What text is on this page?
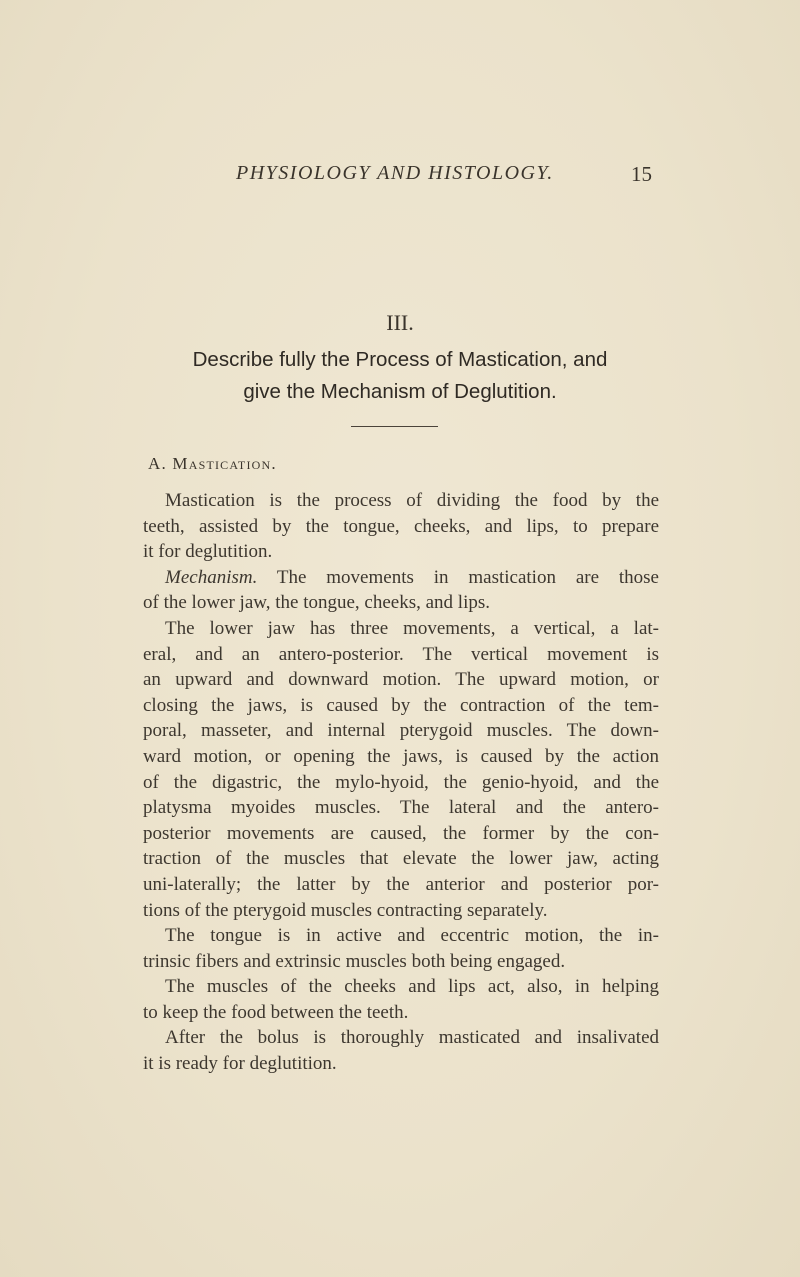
PHYSIOLOGY AND HISTOLOGY.	15
III.
Describe fully the Process of Mastication, and
give the Mechanism of Deglutition.
A. Mastication.
Mastication is the process of dividing the food by the
teeth, assisted by the tongue, cheeks, and lips, to prepare
it for deglutition.
Mechanism. The movements in mastication are those
of the lower jaw, the tongue, cheeks, and lips.
The lower jaw has three movements, a vertical, a lat-
eral, and an antero-posterior. The vertical movement is
an upward and downward motion. The upward motion, or
closing the jaws, is caused by the contraction of the tem-
poral, masseter, and internal pterygoid muscles. The down-
ward motion, or opening the jaws, is caused by the action
of the digastric, the mylo-hyoid, the genio-hyoid, and the
platysma myoides muscles. The lateral and the antero-
posterior movements are caused, the former by the con-
traction of the muscles that elevate the lower jaw, acting
uni-laterally; the latter by the anterior and posterior por-
tions of the pterygoid muscles contracting separately.
The tongue is in active and eccentric motion, the in-
trinsic fibers and extrinsic muscles both being engaged.
The muscles of the cheeks and lips act, also, in helping
to keep the food between the teeth.
After the bolus is thoroughly masticated and insalivated
it is ready for deglutition.
